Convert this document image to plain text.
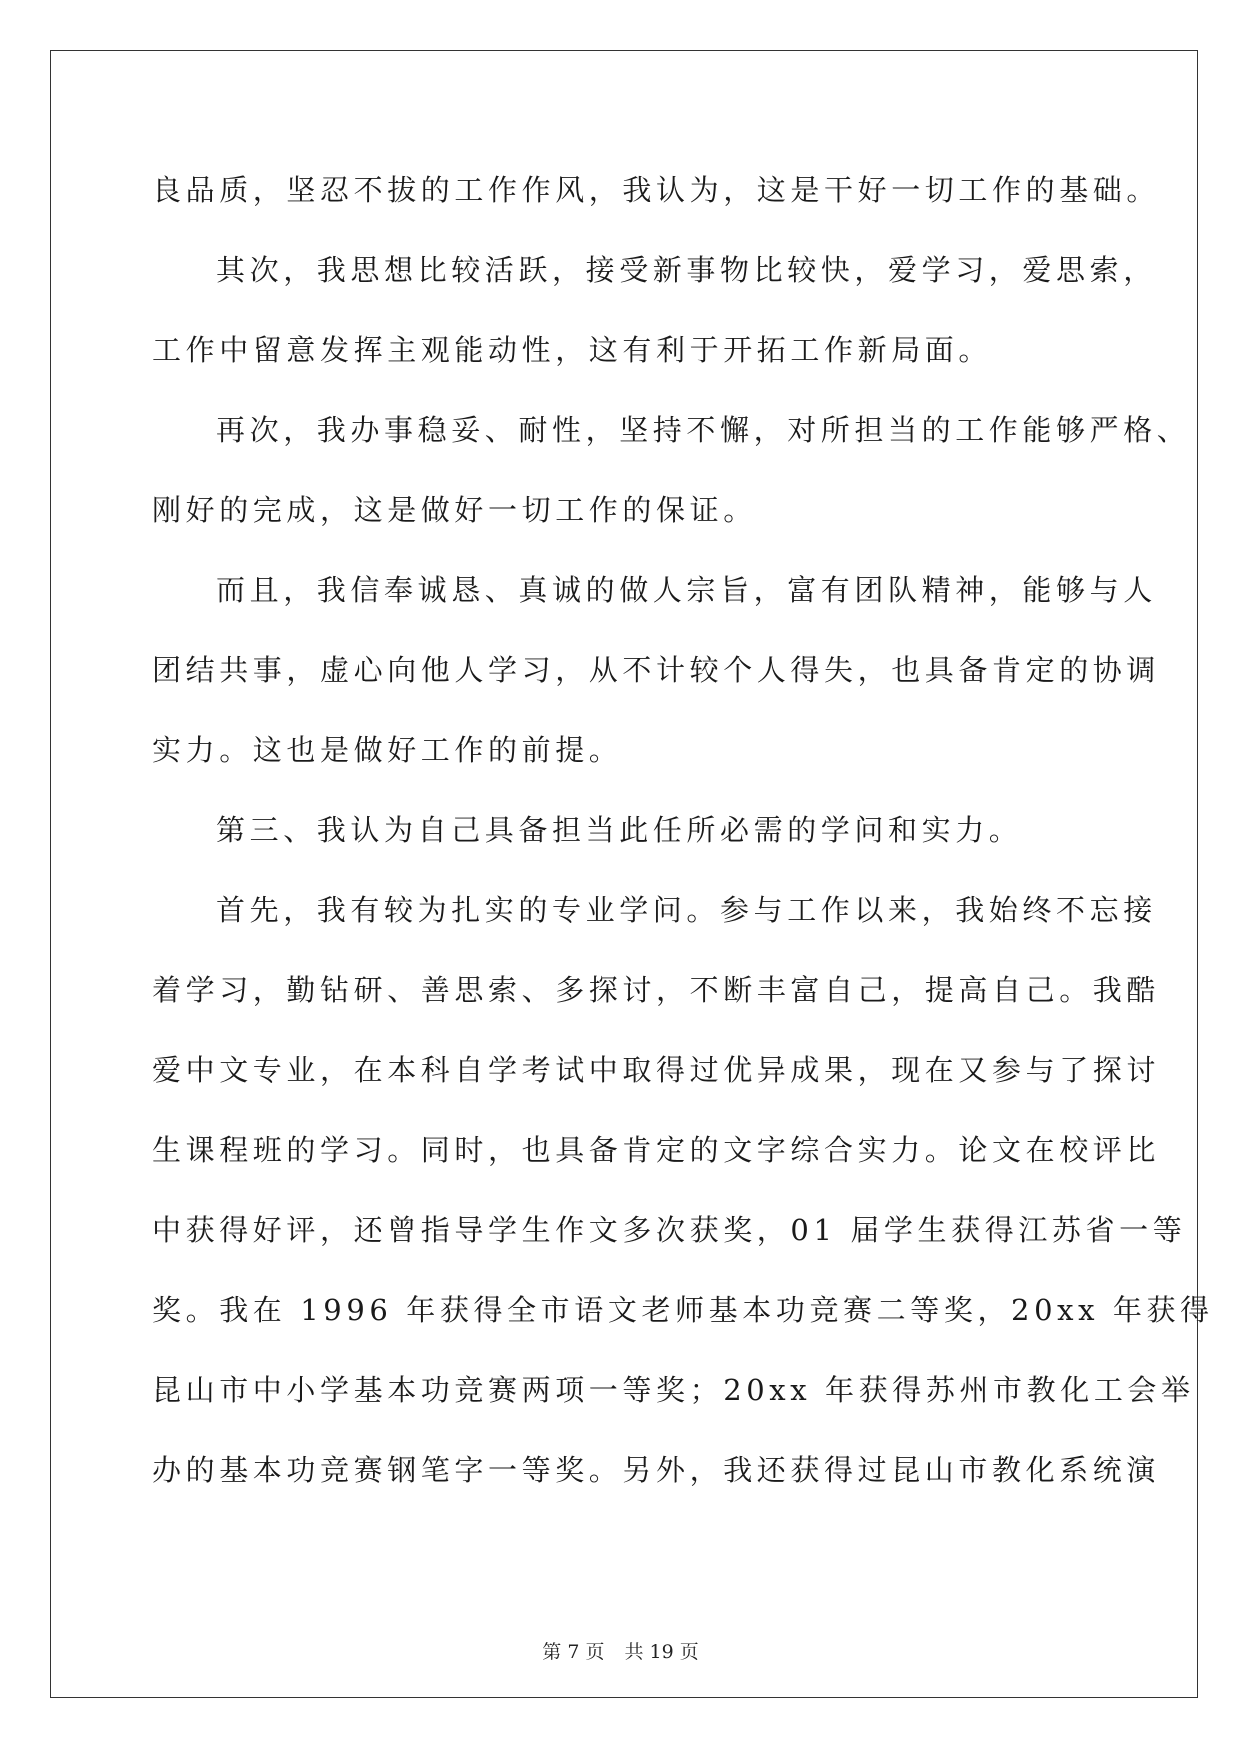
良品质，坚忍不拔的工作作风，我认为，这是干好一切工作的基础。
其次，我思想比较活跃，接受新事物比较快，爱学习，爱思索，
工作中留意发挥主观能动性，这有利于开拓工作新局面。
再次，我办事稳妥、耐性，坚持不懈，对所担当的工作能够严格、
刚好的完成，这是做好一切工作的保证。
而且，我信奉诚恳、真诚的做人宗旨，富有团队精神，能够与人
团结共事，虚心向他人学习，从不计较个人得失，也具备肯定的协调
实力。这也是做好工作的前提。
第三、我认为自己具备担当此任所必需的学问和实力。
首先，我有较为扎实的专业学问。参与工作以来，我始终不忘接
着学习，勤钻研、善思索、多探讨，不断丰富自己，提高自己。我酷
爱中文专业，在本科自学考试中取得过优异成果，现在又参与了探讨
生课程班的学习。同时，也具备肯定的文字综合实力。论文在校评比
中获得好评，还曾指导学生作文多次获奖，01 届学生获得江苏省一等
奖。我在 1996 年获得全市语文老师基本功竞赛二等奖，20xx 年获得
昆山市中小学基本功竞赛两项一等奖；20xx 年获得苏州市教化工会举
办的基本功竞赛钢笔字一等奖。另外，我还获得过昆山市教化系统演
第 7 页 共 19 页
